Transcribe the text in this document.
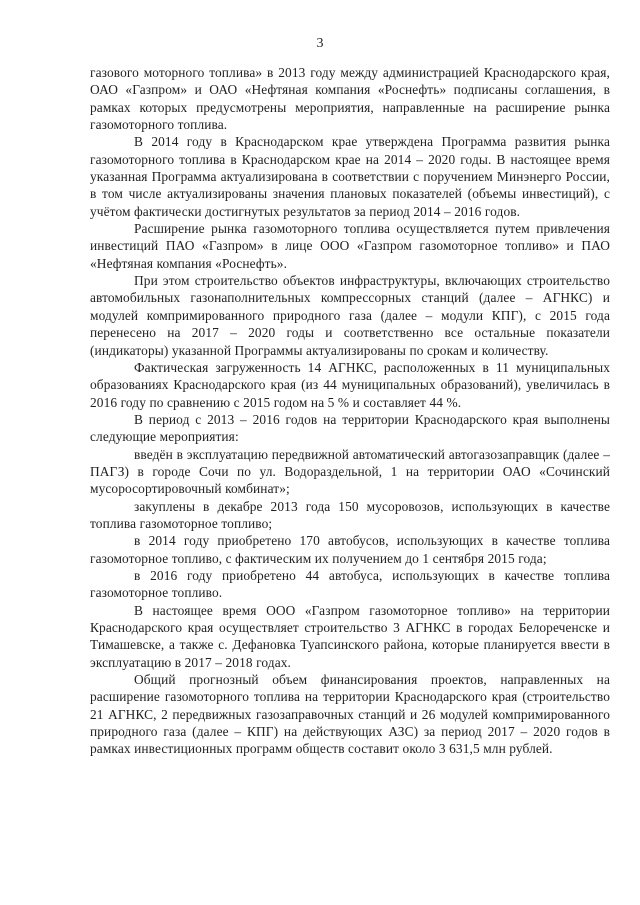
3

газового моторного топлива» в 2013 году между администрацией Краснодарского края, ОАО «Газпром» и ОАО «Нефтяная компания «Роснефть» подписаны соглашения, в рамках которых предусмотрены мероприятия, направленные на расширение рынка газомоторного топлива.

В 2014 году в Краснодарском крае утверждена Программа развития рынка газомоторного топлива в Краснодарском крае на 2014 – 2020 годы. В настоящее время указанная Программа актуализирована в соответствии с поручением Минэнерго России, в том числе актуализированы значения плановых показателей (объемы инвестиций), с учётом фактически достигнутых результатов за период 2014 – 2016 годов.

Расширение рынка газомоторного топлива осуществляется путем привлечения инвестиций ПАО «Газпром» в лице ООО «Газпром газомоторное топливо» и ПАО «Нефтяная компания «Роснефть».

При этом строительство объектов инфраструктуры, включающих строительство автомобильных газонаполнительных компрессорных станций (далее – АГНКС) и модулей компримированного природного газа (далее – модули КПГ), с 2015 года перенесено на 2017 – 2020 годы и соответственно все остальные показатели (индикаторы) указанной Программы актуализированы по срокам и количеству.

Фактическая загруженность 14 АГНКС, расположенных в 11 муниципальных образованиях Краснодарского края (из 44 муниципальных образований), увеличилась в 2016 году по сравнению с 2015 годом на 5 % и составляет 44 %.

В период с 2013 – 2016 годов на территории Краснодарского края выполнены следующие мероприятия:

введён в эксплуатацию передвижной автоматический автогазозаправщик (далее – ПАГЗ) в городе Сочи по ул. Водораздельной, 1 на территории ОАО «Сочинский мусоросортировочный комбинат»;

закуплены в декабре 2013 года 150 мусоровозов, использующих в качестве топлива газомоторное топливо;

в 2014 году приобретено 170 автобусов, использующих в качестве топлива газомоторное топливо, с фактическим их получением до 1 сентября 2015 года;

в 2016 году приобретено 44 автобуса, использующих в качестве топлива газомоторное топливо.

В настоящее время ООО «Газпром газомоторное топливо» на территории Краснодарского края осуществляет строительство 3 АГНКС в городах Белореченске и Тимашевске, а также с. Дефановка Туапсинского района, которые планируется ввести в эксплуатацию в 2017 – 2018 годах.

Общий прогнозный объем финансирования проектов, направленных на расширение газомоторного топлива на территории Краснодарского края (строительство 21 АГНКС, 2 передвижных газозаправочных станций и 26 модулей компримированного природного газа (далее – КПГ) на действующих АЗС) за период 2017 – 2020 годов в рамках инвестиционных программ обществ составит около 3 631,5 млн рублей.
